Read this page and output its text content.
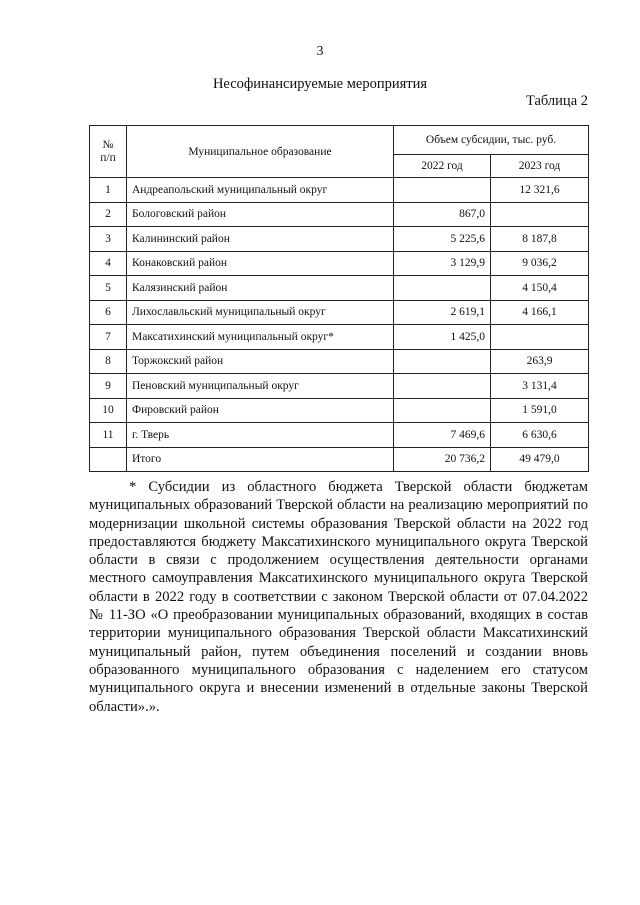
3
Несофинансируемые мероприятия
Таблица 2
№
п/п	Муниципальное образование	Объем субсидии, тыс. руб.	
		2022 год	2023 год
1	Андреапольский муниципальный округ		12 321,6
2	Бологовский район	867,0	
3	Калининский район	5 225,6	8 187,8
4	Конаковский район	3 129,9	9 036,2
5	Калязинский район		4 150,4
6	Лихославльский муниципальный округ	2 619,1	4 166,1
7	Максатихинский муниципальный округ*	1 425,0	
8	Торжокский район		263,9
9	Пеновский муниципальный округ		3 131,4
10	Фировский район		1 591,0
11	г. Тверь	7 469,6	6 630,6
	Итого	20 736,2	49 479,0

* Субсидии из областного бюджета Тверской области бюджетам муниципальных образований Тверской области на реализацию мероприятий по модернизации школьной системы образования Тверской области на 2022 год предоставляются бюджету Максатихинского муниципального округа Тверской области в связи с продолжением осуществления деятельности органами местного самоуправления Максатихинского муниципального округа Тверской области в 2022 году в соответствии с законом Тверской области от 07.04.2022 № 11-ЗО «О преобразовании муниципальных образований, входящих в состав территории муниципального образования Тверской области Максатихинский муниципальный район, путем объединения поселений и создании вновь образованного муниципального образования с наделением его статусом муниципального округа и внесении изменений в отдельные законы Тверской области».».
